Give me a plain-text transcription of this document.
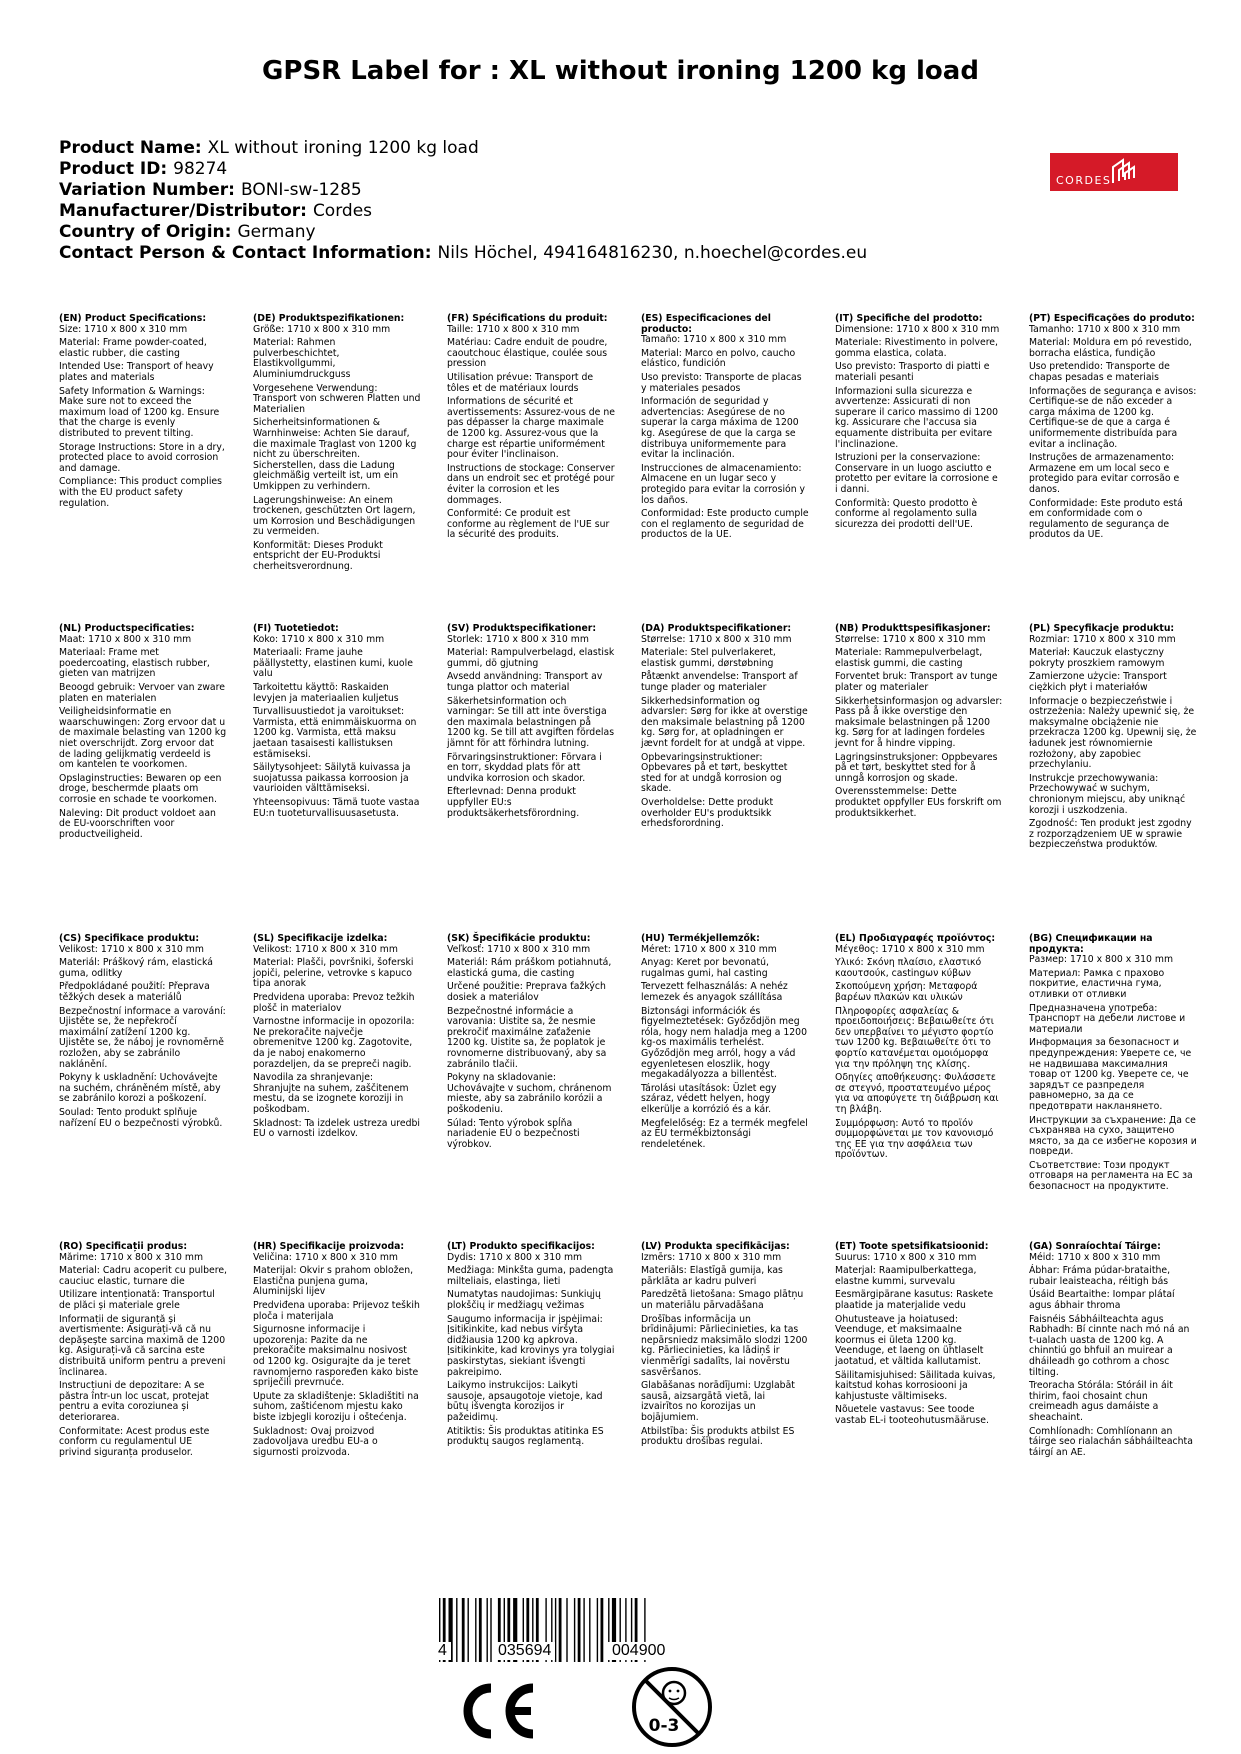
GPSR Label for : XL without ironing 1200 kg load
Product Name: XL without ironing 1200 kg load
Product ID: 98274
Variation Number: BONI-sw-1285
Manufacturer/Distributor: Cordes
Country of Origin: Germany
Contact Person & Contact Information: Nils Höchel, 494164816230, n.hoechel@cordes.eu
CORDES
(EN) Product Specifications:
Size: 1710 x 800 x 310 mm
Material: Frame powder-coated, elastic rubber, die casting
Intended Use: Transport of heavy plates and materials
Safety Information & Warnings: Make sure not to exceed the maximum load of 1200 kg. Ensure that the charge is evenly distributed to prevent tilting.
Storage Instructions: Store in a dry, protected place to avoid corrosion and damage.
Compliance: This product complies with the EU product safety regulation.
(DE) Produktspezifikationen:
Größe: 1710 x 800 x 310 mm
Material: Rahmen pulverbeschichtet, Elastikvollgummi, Aluminiumdruckguss
Vorgesehene Verwendung: Transport von schweren Platten und Materialien
Sicherheitsinformationen & Warnhinweise: Achten Sie darauf, die maximale Traglast von 1200 kg nicht zu überschreiten. Sicherstellen, dass die Ladung gleichmäßig verteilt ist, um ein Umkippen zu verhindern.
Lagerungshinweise: An einem trockenen, geschützten Ort lagern, um Korrosion und Beschädigungen zu vermeiden.
Konformität: Dieses Produkt entspricht der EU-Produktsi cherheitsverordnung.
(FR) Spécifications du produit:
Taille: 1710 x 800 x 310 mm
Matériau: Cadre enduit de poudre, caoutchouc élastique, coulée sous pression
Utilisation prévue: Transport de tôles et de matériaux lourds
Informations de sécurité et avertissements: Assurez-vous de ne pas dépasser la charge maximale de 1200 kg. Assurez-vous que la charge est répartie uniformément pour éviter l'inclinaison.
Instructions de stockage: Conserver dans un endroit sec et protégé pour éviter la corrosion et les dommages.
Conformité: Ce produit est conforme au règlement de l'UE sur la sécurité des produits.
(ES) Especificaciones del producto:
Tamaño: 1710 x 800 x 310 mm
Material: Marco en polvo, caucho elástico, fundición
Uso previsto: Transporte de placas y materiales pesados
Información de seguridad y advertencias: Asegúrese de no superar la carga máxima de 1200 kg. Asegúrese de que la carga se distribuya uniformemente para evitar la inclinación.
Instrucciones de almacenamiento: Almacene en un lugar seco y protegido para evitar la corrosión y los daños.
Conformidad: Este producto cumple con el reglamento de seguridad de productos de la UE.
(IT) Specifiche del prodotto:
Dimensione: 1710 x 800 x 310 mm
Materiale: Rivestimento in polvere, gomma elastica, colata.
Uso previsto: Trasporto di piatti e materiali pesanti
Informazioni sulla sicurezza e avvertenze: Assicurati di non superare il carico massimo di 1200 kg. Assicurare che l'accusa sia equamente distribuita per evitare l'inclinazione.
Istruzioni per la conservazione: Conservare in un luogo asciutto e protetto per evitare la corrosione e i danni.
Conformità: Questo prodotto è conforme al regolamento sulla sicurezza dei prodotti dell'UE.
(PT) Especificações do produto:
Tamanho: 1710 x 800 x 310 mm
Material: Moldura em pó revestido, borracha elástica, fundição
Uso pretendido: Transporte de chapas pesadas e materiais
Informações de segurança e avisos: Certifique-se de não exceder a carga máxima de 1200 kg. Certifique-se de que a carga é uniformemente distribuída para evitar a inclinação.
Instruções de armazenamento: Armazene em um local seco e protegido para evitar corrosão e danos.
Conformidade: Este produto está em conformidade com o regulamento de segurança de produtos da UE.
(NL) Productspecificaties:
Maat: 1710 x 800 x 310 mm
Materiaal: Frame met poedercoating, elastisch rubber, gieten van matrijzen
Beoogd gebruik: Vervoer van zware platen en materialen
Veiligheidsinformatie en waarschuwingen: Zorg ervoor dat u de maximale belasting van 1200 kg niet overschrijdt. Zorg ervoor dat de lading gelijkmatig verdeeld is om kantelen te voorkomen.
Opslaginstructies: Bewaren op een droge, beschermde plaats om corrosie en schade te voorkomen.
Naleving: Dit product voldoet aan de EU-voorschriften voor productveiligheid.
(FI) Tuotetiedot:
Koko: 1710 x 800 x 310 mm
Materiaali: Frame jauhe päällystetty, elastinen kumi, kuole valu
Tarkoitettu käyttö: Raskaiden levyjen ja materiaalien kuljetus
Turvallisuustiedot ja varoitukset: Varmista, että enimmäiskuorma on 1200 kg. Varmista, että maksu jaetaan tasaisesti kallistuksen estämiseksi.
Säilytysohjeet: Säilytä kuivassa ja suojatussa paikassa korroosion ja vaurioiden välttämiseksi.
Yhteensopivuus: Tämä tuote vastaa EU:n tuoteturvallisuusasetusta.
(SV) Produktspecifikationer:
Storlek: 1710 x 800 x 310 mm
Material: Rampulverbelagd, elastisk gummi, dö gjutning
Avsedd användning: Transport av tunga plattor och material
Säkerhetsinformation och varningar: Se till att inte överstiga den maximala belastningen på 1200 kg. Se till att avgiften fördelas jämnt för att förhindra lutning.
Förvaringsinstruktioner: Förvara i en torr, skyddad plats för att undvika korrosion och skador.
Efterlevnad: Denna produkt uppfyller EU:s produktsäkerhetsförordning.
(DA) Produktspecifikationer:
Størrelse: 1710 x 800 x 310 mm
Materiale: Stel pulverlakeret, elastisk gummi, dørstøbning
Påtænkt anvendelse: Transport af tunge plader og materialer
Sikkerhedsinformation og advarsler: Sørg for ikke at overstige den maksimale belastning på 1200 kg. Sørg for, at opladningen er jævnt fordelt for at undgå at vippe.
Opbevaringsinstruktioner: Opbevares på et tørt, beskyttet sted for at undgå korrosion og skade.
Overholdelse: Dette produkt overholder EU's produktsikk erhedsforordning.
(NB) Produkttspesifikasjoner:
Størrelse: 1710 x 800 x 310 mm
Materiale: Rammepulverbelagt, elastisk gummi, die casting
Forventet bruk: Transport av tunge plater og materialer
Sikkerhetsinformasjon og advarsler: Pass på å ikke overstige den maksimale belastningen på 1200 kg. Sørg for at ladingen fordeles jevnt for å hindre vipping.
Lagringsinstruksjoner: Oppbevares på et tørt, beskyttet sted for å unngå korrosjon og skade.
Overensstemmelse: Dette produktet oppfyller EUs forskrift om produktsikkerhet.
(PL) Specyfikacje produktu:
Rozmiar: 1710 x 800 x 310 mm
Materiał: Kauczuk elastyczny pokryty proszkiem ramowym
Zamierzone użycie: Transport ciężkich płyt i materiałów
Informacje o bezpieczeństwie i ostrzeżenia: Należy upewnić się, że maksymalne obciążenie nie przekracza 1200 kg. Upewnij się, że ładunek jest równomiernie rozłożony, aby zapobiec przechylaniu.
Instrukcje przechowywania: Przechowywać w suchym, chronionym miejscu, aby uniknąć korozji i uszkodzenia.
Zgodność: Ten produkt jest zgodny z rozporządzeniem UE w sprawie bezpieczeństwa produktów.
(CS) Specifikace produktu:
Velikost: 1710 x 800 x 310 mm
Materiál: Práškový rám, elastická guma, odlitky
Předpokládané použití: Přeprava těžkých desek a materiálů
Bezpečnostní informace a varování: Ujistěte se, že nepřekročí maximální zatížení 1200 kg. Ujistěte se, že náboj je rovnoměrně rozložen, aby se zabránilo naklánění.
Pokyny k uskladnění: Uchovávejte na suchém, chráněném místě, aby se zabránilo korozi a poškození.
Soulad: Tento produkt splňuje nařízení EU o bezpečnosti výrobků.
(SL) Specifikacije izdelka:
Velikost: 1710 x 800 x 310 mm
Material: Plašči, površniki, šoferski jopiči, pelerine, vetrovke s kapuco tipa anorak
Predvidena uporaba: Prevoz težkih plošč in materialov
Varnostne informacije in opozorila: Ne prekoračite največje obremenitve 1200 kg. Zagotovite, da je naboj enakomerno porazdeljen, da se prepreči nagib.
Navodila za shranjevanje: Shranjujte na suhem, zaščitenem mestu, da se izognete koroziji in poškodbam.
Skladnost: Ta izdelek ustreza uredbi EU o varnosti izdelkov.
(SK) Špecifikácie produktu:
Veľkosť: 1710 x 800 x 310 mm
Materiál: Rám práškom potiahnutá, elastická guma, die casting
Určené použitie: Preprava ťažkých dosiek a materiálov
Bezpečnostné informácie a varovania: Uistite sa, že nesmie prekročiť maximálne zaťaženie 1200 kg. Uistite sa, že poplatok je rovnomerne distribuovaný, aby sa zabránilo tlačii.
Pokyny na skladovanie: Uchovávajte v suchom, chránenom mieste, aby sa zabránilo korózii a poškodeniu.
Súlad: Tento výrobok spĺňa nariadenie EÚ o bezpečnosti výrobkov.
(HU) Termékjellemzők:
Méret: 1710 x 800 x 310 mm
Anyag: Keret por bevonatú, rugalmas gumi, hal casting
Tervezett felhasználás: A nehéz lemezek és anyagok szállítása
Biztonsági információk és figyelmeztetések: Győződjön meg róla, hogy nem haladja meg a 1200 kg-os maximális terhelést. Győződjön meg arról, hogy a vád egyenletesen eloszlik, hogy megakadályozza a billentést.
Tárolási utasítások: Üzlet egy száraz, védett helyen, hogy elkerülje a korrózió és a kár.
Megfelelőség: Ez a termék megfelel az EU termékbiztonsági rendeletének.
(EL) Προδιαγραφές προϊόντος:
Μέγεθος: 1710 x 800 x 310 mm
Υλικό: Σκόνη πλαίσιο, ελαστικό καουτσούκ, castingων κύβων
Σκοπούμενη χρήση: Μεταφορά βαρέων πλακών και υλικών
Πληροφορίες ασφαλείας & προειδοποιήσεις: Βεβαιωθείτε ότι δεν υπερβαίνει το μέγιστο φορτίο των 1200 kg. Βεβαιωθείτε ότι το φορτίο κατανέμεται ομοιόμορφα για την πρόληψη της κλίσης.
Οδηγίες αποθήκευσης: Φυλάσσετε σε στεγνό, προστατευμένο μέρος για να αποφύγετε τη διάβρωση και τη βλάβη.
Συμμόρφωση: Αυτό το προϊόν συμμορφώνεται με τον κανονισμό της ΕΕ για την ασφάλεια των προϊόντων.
(BG) Спецификации на продукта:
Размер: 1710 x 800 x 310 mm
Материал: Рамка с прахово покритие, еластична гума, отливки от отливки
Предназначена употреба: Транспорт на дебели листове и материали
Информация за безопасност и предупреждения: Уверете се, че не надвишава максималния товар от 1200 kg. Уверете се, че зарядът се разпределя равномерно, за да се предотврати накланянето.
Инструкции за съхранение: Да се съхранява на сухо, защитено място, за да се избегне корозия и повреди.
Съответствие: Този продукт отговаря на регламента на ЕС за безопасност на продуктите.
(RO) Specificații produs:
Mărime: 1710 x 800 x 310 mm
Material: Cadru acoperit cu pulbere, cauciuc elastic, turnare die
Utilizare intenționată: Transportul de plăci și materiale grele
Informații de siguranță și avertismente: Asigurați-vă că nu depășește sarcina maximă de 1200 kg. Asigurați-vă că sarcina este distribuită uniform pentru a preveni înclinarea.
Instrucțiuni de depozitare: A se păstra într-un loc uscat, protejat pentru a evita coroziunea și deteriorarea.
Conformitate: Acest produs este conform cu regulamentul UE privind siguranța produselor.
(HR) Specifikacije proizvoda:
Veličina: 1710 x 800 x 310 mm
Materijal: Okvir s prahom obložen, Elastična punjena guma, Aluminijski lijev
Predviđena uporaba: Prijevoz teških ploča i materijala
Sigurnosne informacije i upozorenja: Pazite da ne prekoračite maksimalnu nosivost od 1200 kg. Osigurajte da je teret ravnomjerno raspoređen kako biste spriječili prevrnuće.
Upute za skladištenje: Skladištiti na suhom, zaštićenom mjestu kako biste izbjegli koroziju i oštećenja.
Sukladnost: Ovaj proizvod zadovoljava uredbu EU-a o sigurnosti proizvoda.
(LT) Produkto specifikacijos:
Dydis: 1710 x 800 x 310 mm
Medžiaga: Minkšta guma, padengta milteliais, elastinga, lieti
Numatytas naudojimas: Sunkiųjų plokščių ir medžiagų vežimas
Saugumo informacija ir įspėjimai: Įsitikinkite, kad nebus viršyta didžiausia 1200 kg apkrova. Įsitikinkite, kad krovinys yra tolygiai paskirstytas, siekiant išvengti pakreipimo.
Laikymo instrukcijos: Laikyti sausoje, apsaugotoje vietoje, kad būtų išvengta korozijos ir pažeidimų.
Atitiktis: Šis produktas atitinka ES produktų saugos reglamentą.
(LV) Produkta specifikācijas:
Izmērs: 1710 x 800 x 310 mm
Materiāls: Elastīgā gumija, kas pārklāta ar kadru pulveri
Paredzētā lietošana: Smago plātņu un materiālu pārvadāšana
Drošības informācija un brīdinājumi: Pārliecinieties, ka tas nepārsniedz maksimālo slodzi 1200 kg. Pārliecinieties, ka lādiņš ir vienmērīgi sadalīts, lai novērstu sasvēršanos.
Glabāšanas norādījumi: Uzglabāt sausā, aizsargātā vietā, lai izvairītos no korozijas un bojājumiem.
Atbilstība: Šis produkts atbilst ES produktu drošības regulai.
(ET) Toote spetsifikatsioonid:
Suurus: 1710 x 800 x 310 mm
Materjal: Raamipulberkattega, elastne kummi, survevalu
Eesmärgipärane kasutus: Raskete plaatide ja materjalide vedu
Ohutusteave ja hoiatused: Veenduge, et maksimaalne koormus ei ületa 1200 kg. Veenduge, et laeng on ühtlaselt jaotatud, et vältida kallutamist.
Säilitamisjuhised: Säilitada kuivas, kaitstud kohas korrosiooni ja kahjustuste vältimiseks.
Nõuetele vastavus: See toode vastab EL-i tooteohutusmääruse.
(GA) Sonraíochtaí Táirge:
Méid: 1710 x 800 x 310 mm
Ábhar: Fráma púdar-brataithe, rubair leaisteacha, réitigh bás
Úsáid Beartaithe: Iompar plátaí agus ábhair throma
Faisnéis Sábháilteachta agus Rabhadh: Bí cinnte nach mó ná an t-ualach uasta de 1200 kg. A chinntiú go bhfuil an muirear a dháileadh go cothrom a chosc tilting.
Treoracha Stórála: Stóráil in áit thirim, faoi chosaint chun creimeadh agus damáiste a sheachaint.
Comhlíonadh: Comhlíonann an táirge seo rialachán sábháilteachta táirgí an AE.
4	035694	004900
0-3
